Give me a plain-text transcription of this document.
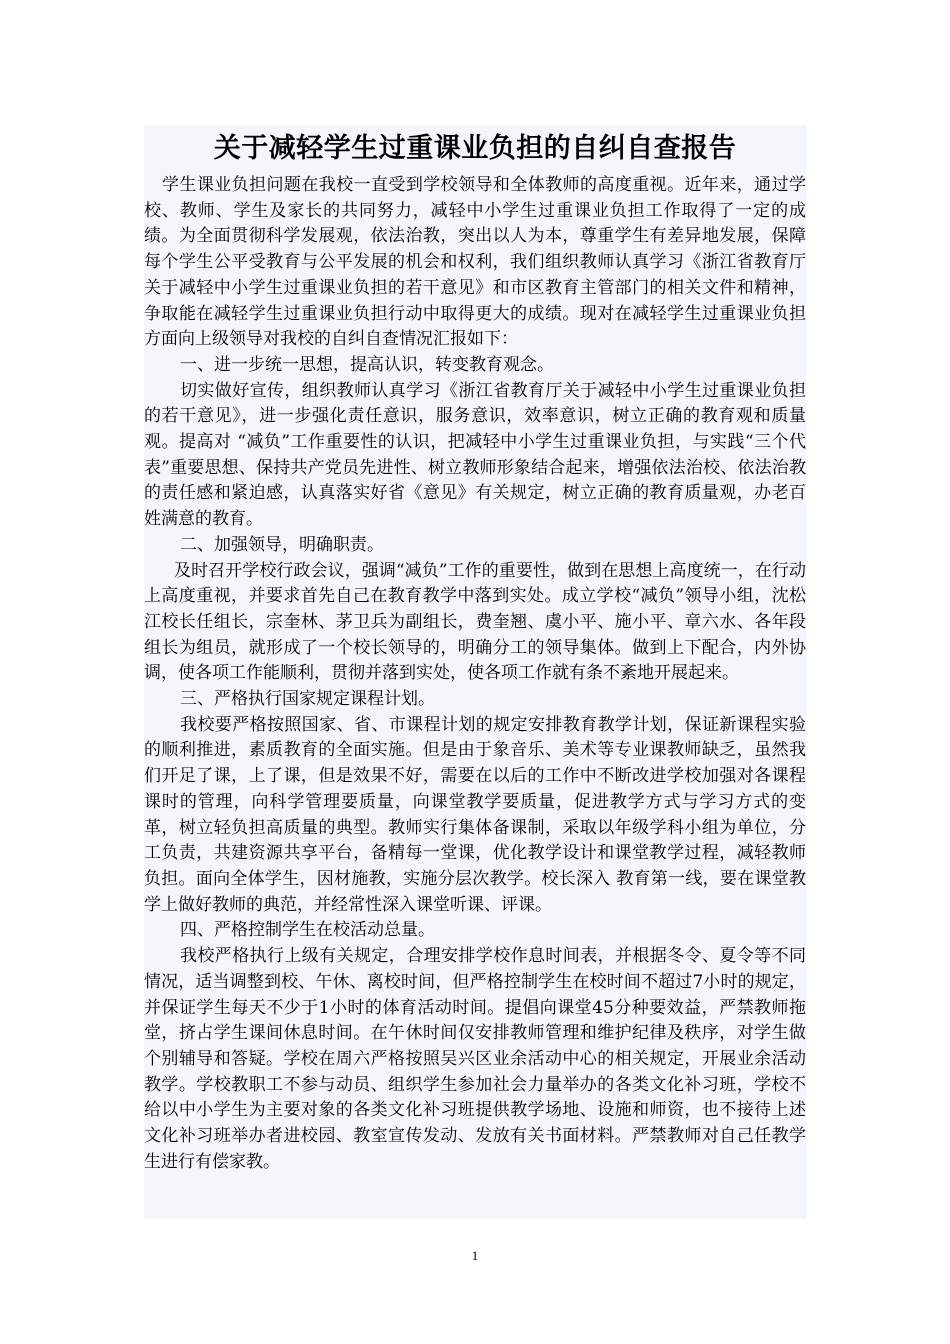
关于减轻学生过重课业负担的自纠自查报告

学生课业负担问题在我校一直受到学校领导和全体教师的高度重视。近年来，通过学校、教师、学生及家长的共同努力，减轻中小学生过重课业负担工作取得了一定的成绩。为全面贯彻科学发展观，依法治教，突出以人为本，尊重学生有差异地发展，保障每个学生公平受教育与公平发展的机会和权利，我们组织教师认真学习《浙江省教育厅关于减轻中小学生过重课业负担的若干意见》和市区教育主管部门的相关文件和精神，争取能在减轻学生过重课业负担行动中取得更大的成绩。现对在减轻学生过重课业负担方面向上级领导对我校的自纠自查情况汇报如下：

一、进一步统一思想，提高认识，转变教育观念。

切实做好宣传，组织教师认真学习《浙江省教育厅关于减轻中小学生过重课业负担的若干意见》，进一步强化责任意识，服务意识，效率意识，树立正确的教育观和质量观。提高对 “减负”工作重要性的认识，把减轻中小学生过重课业负担，与实践“三个代表”重要思想、保持共产党员先进性、树立教师形象结合起来，增强依法治校、依法治教的责任感和紧迫感，认真落实好省《意见》有关规定，树立正确的教育质量观，办老百姓满意的教育。

二、加强领导，明确职责。

及时召开学校行政会议，强调“减负”工作的重要性，做到在思想上高度统一，在行动上高度重视，并要求首先自己在教育教学中落到实处。成立学校“减负”领导小组，沈松江校长任组长，宗奎林、茅卫兵为副组长，费奎翘、虞小平、施小平、章六水、各年段组长为组员，就形成了一个校长领导的，明确分工的领导集体。做到上下配合，内外协调，使各项工作能顺利，贯彻并落到实处，使各项工作就有条不紊地开展起来。

三、严格执行国家规定课程计划。

我校要严格按照国家、省、市课程计划的规定安排教育教学计划，保证新课程实验的顺利推进，素质教育的全面实施。但是由于象音乐、美术等专业课教师缺乏，虽然我们开足了课，上了课，但是效果不好，需要在以后的工作中不断改进学校加强对各课程课时的管理，向科学管理要质量，向课堂教学要质量，促进教学方式与学习方式的变革，树立轻负担高质量的典型。教师实行集体备课制，采取以年级学科小组为单位，分工负责，共建资源共享平台，备精每一堂课，优化教学设计和课堂教学过程，减轻教师负担。面向全体学生，因材施教，实施分层次教学。校长深入 教育第一线，要在课堂教学上做好教师的典范，并经常性深入课堂听课、评课。

四、严格控制学生在校活动总量。

我校严格执行上级有关规定，合理安排学校作息时间表，并根据冬令、夏令等不同情况，适当调整到校、午休、离校时间，但严格控制学生在校时间不超过7小时的规定，并保证学生每天不少于1小时的体育活动时间。提倡向课堂45分种要效益，严禁教师拖堂，挤占学生课间休息时间。在午休时间仅安排教师管理和维护纪律及秩序，对学生做个别辅导和答疑。学校在周六严格按照吴兴区业余活动中心的相关规定，开展业余活动教学。学校教职工不参与动员、组织学生参加社会力量举办的各类文化补习班，学校不给以中小学生为主要对象的各类文化补习班提供教学场地、设施和师资，也不接待上述文化补习班举办者进校园、教室宣传发动、发放有关书面材料。严禁教师对自己任教学生进行有偿家教。

1
